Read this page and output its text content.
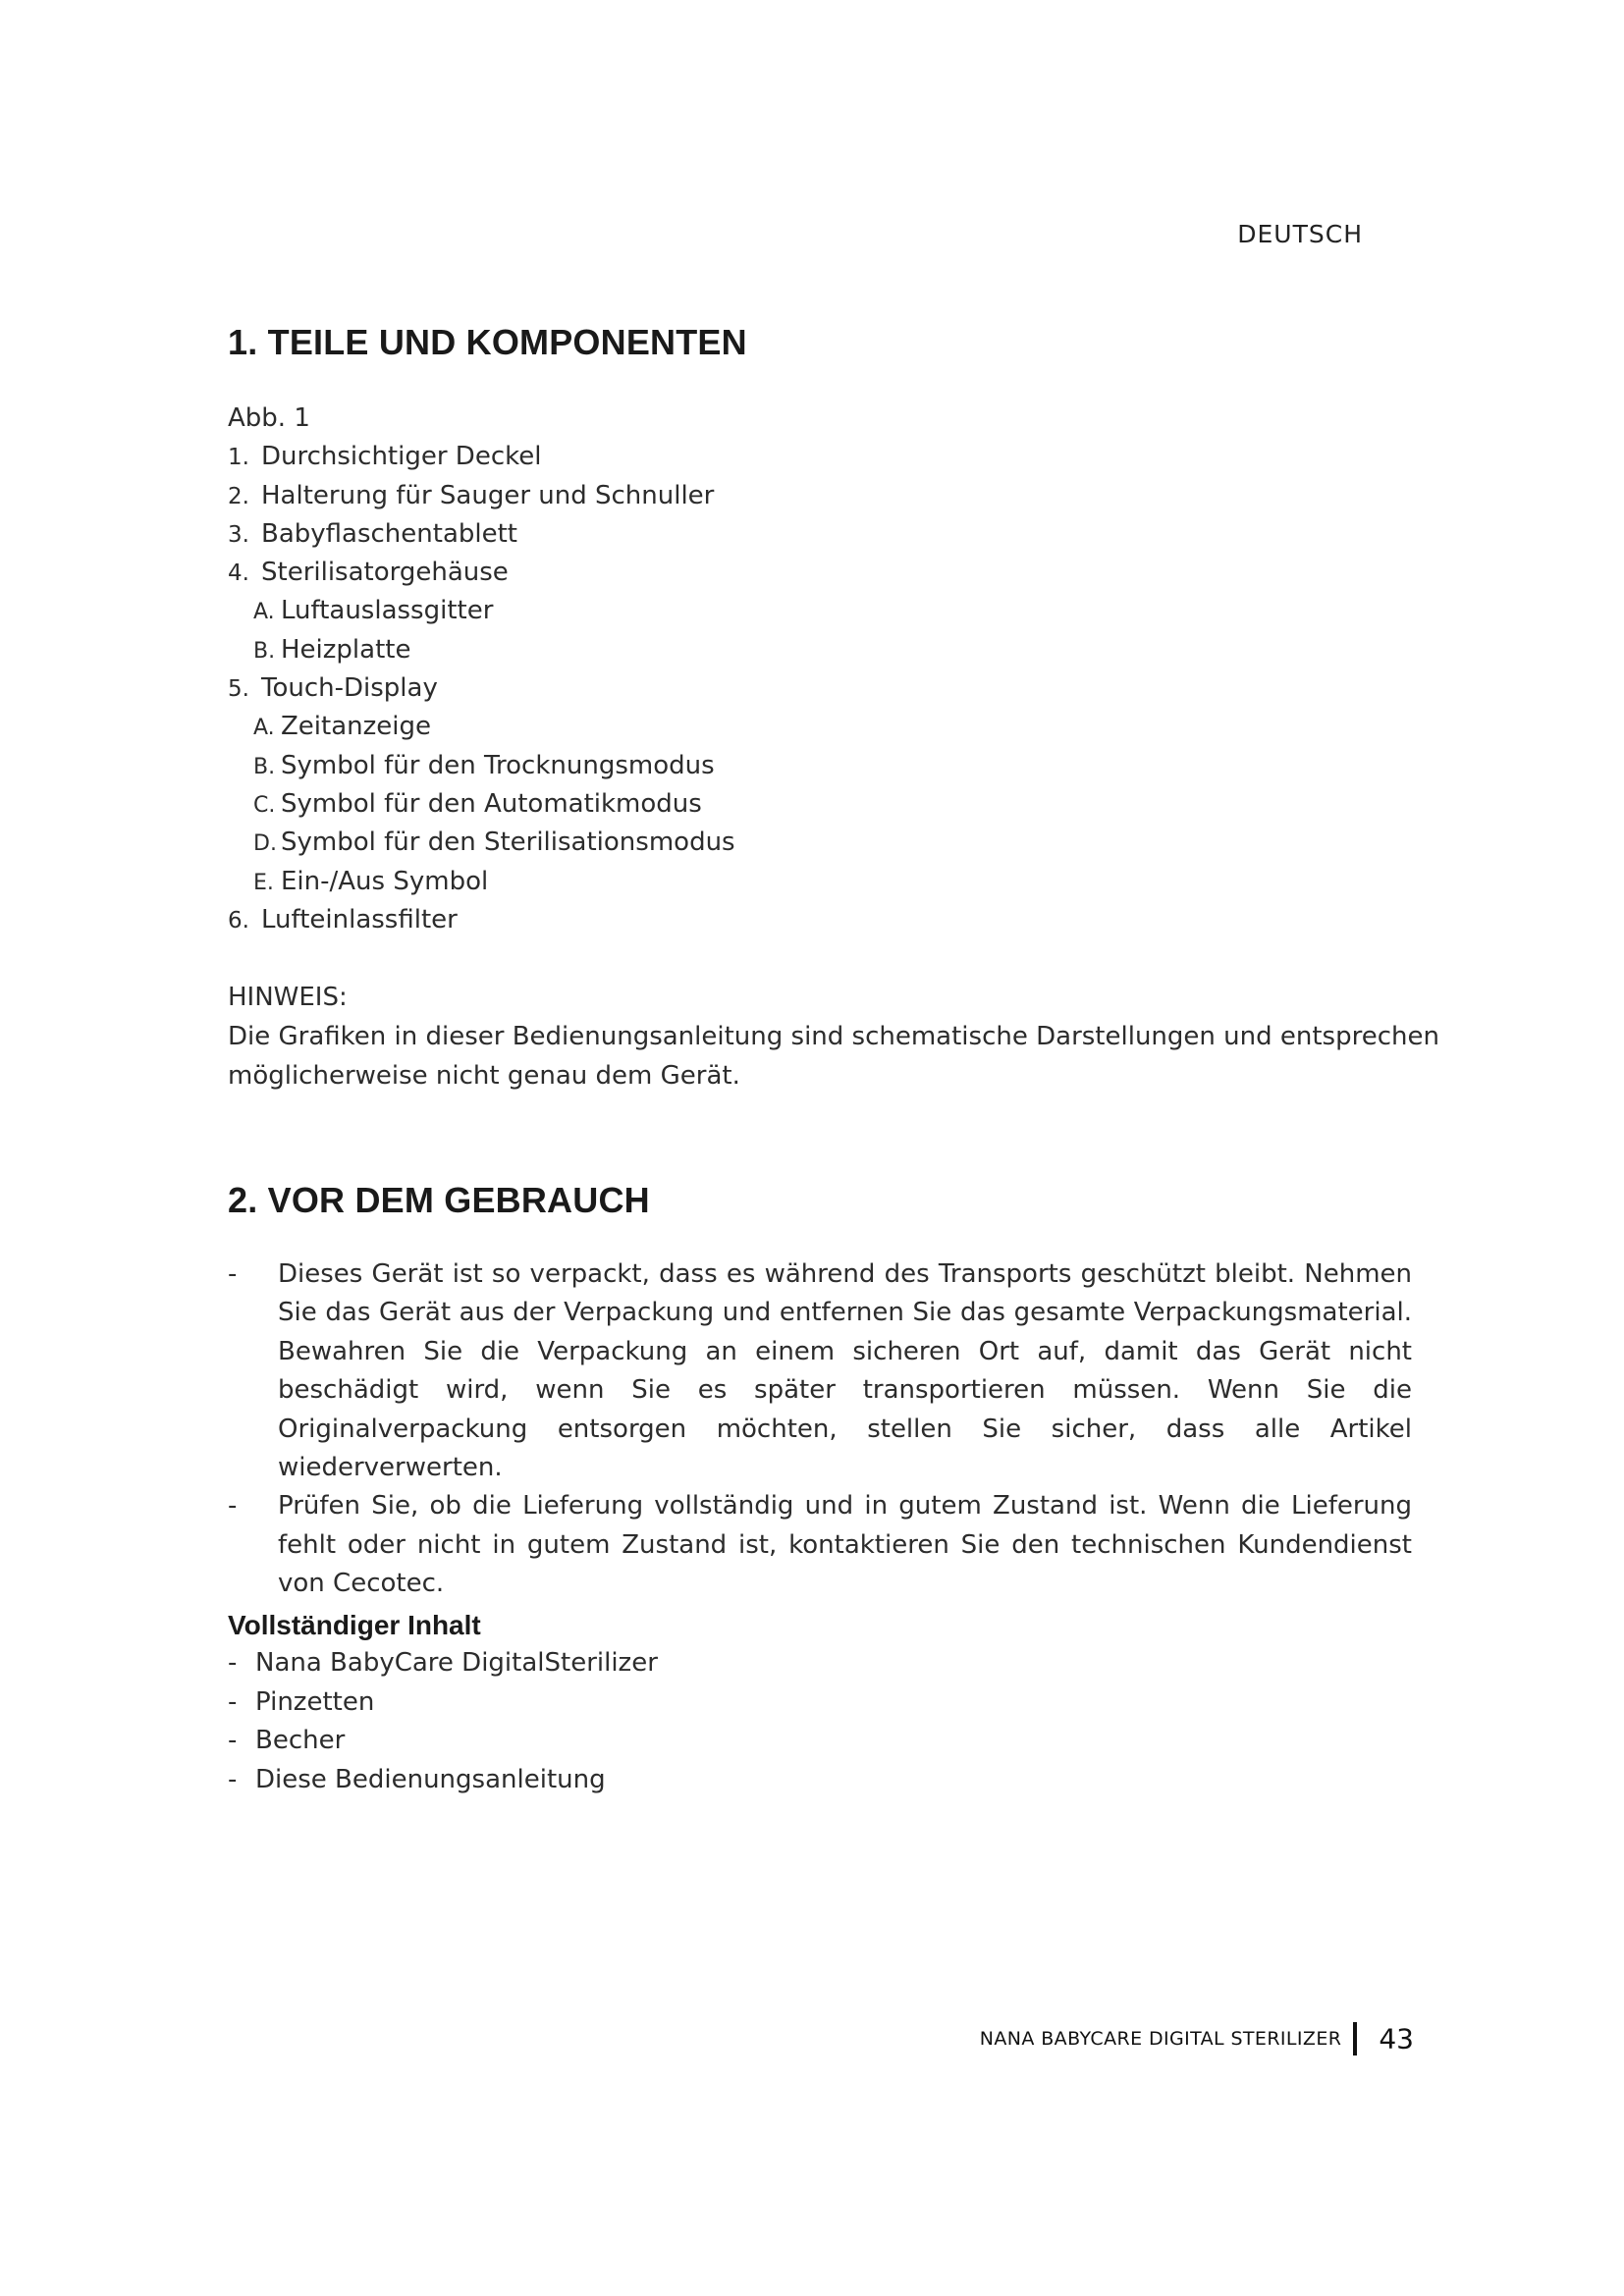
DEUTSCH
1. TEILE UND KOMPONENTEN
Abb. 1
1. Durchsichtiger Deckel
2. Halterung für Sauger und Schnuller
3. Babyflaschentablett
4. Sterilisatorgehäuse
A. Luftauslassgitter
B. Heizplatte
5. Touch-Display
A. Zeitanzeige
B. Symbol für den Trocknungsmodus
C. Symbol für den Automatikmodus
D. Symbol für den Sterilisationsmodus
E. Ein-/Aus Symbol
6. Lufteinlassfilter
HINWEIS:
Die Grafiken in dieser Bedienungsanleitung sind schematische Darstellungen und entsprechen möglicherweise nicht genau dem Gerät.
2. VOR DEM GEBRAUCH
- Dieses Gerät ist so verpackt, dass es während des Transports geschützt bleibt. Nehmen Sie das Gerät aus der Verpackung und entfernen Sie das gesamte Verpackungsmaterial. Bewahren Sie die Verpackung an einem sicheren Ort auf, damit das Gerät nicht beschädigt wird, wenn Sie es später transportieren müssen. Wenn Sie die Originalverpackung entsorgen möchten, stellen Sie sicher, dass alle Artikel wiederverwerten.
- Prüfen Sie, ob die Lieferung vollständig und in gutem Zustand ist. Wenn die Lieferung fehlt oder nicht in gutem Zustand ist, kontaktieren Sie den technischen Kundendienst von Cecotec.
Vollständiger Inhalt
- Nana BabyCare DigitalSterilizer
- Pinzetten
- Becher
- Diese Bedienungsanleitung
NANA BABYCARE DIGITAL STERILIZER 43
